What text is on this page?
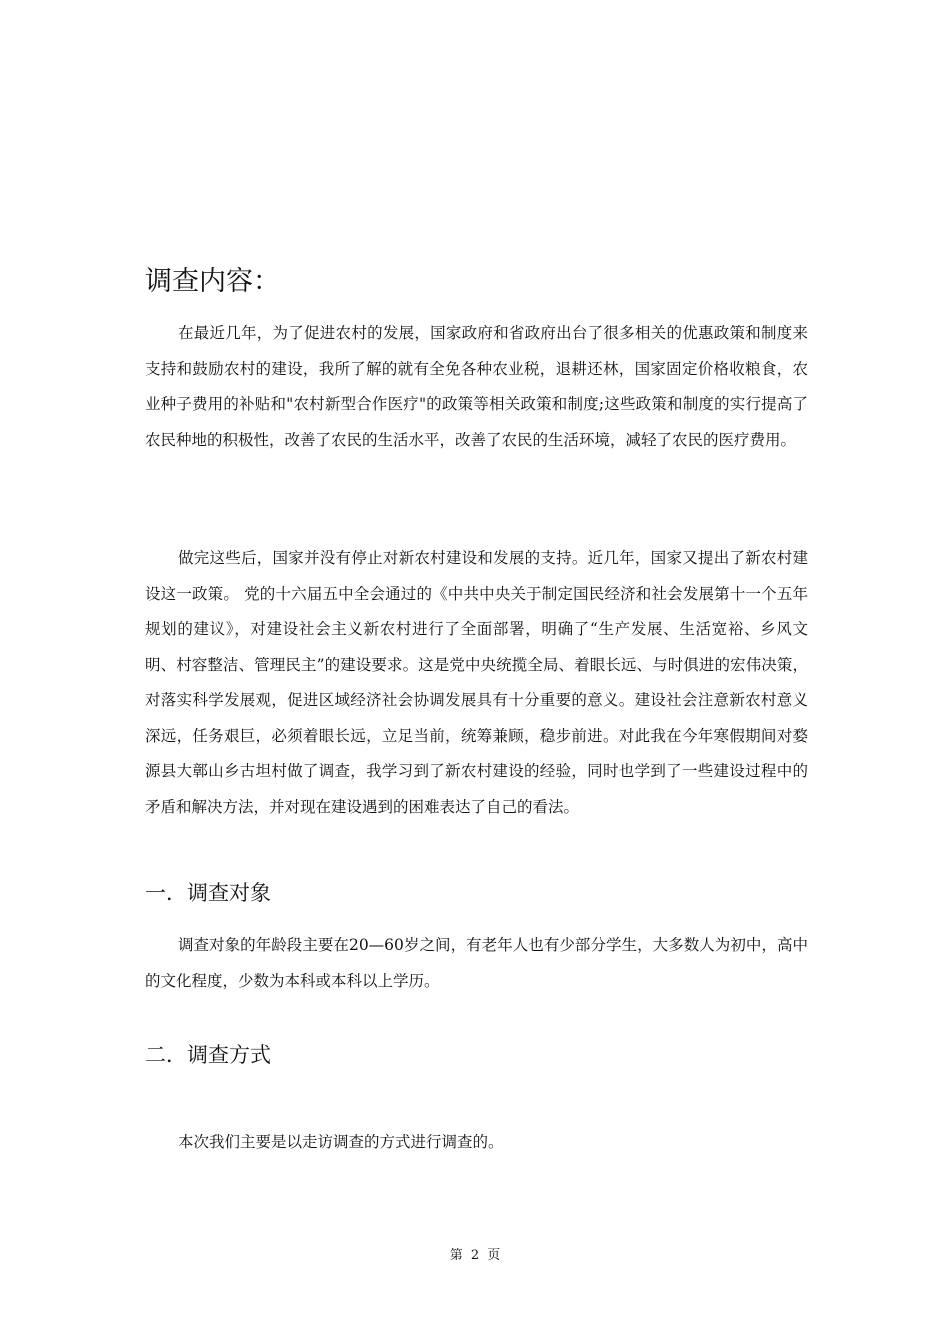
调查内容：

在最近几年，为了促进农村的发展，国家政府和省政府出台了很多相关的优惠政策和制度来支持和鼓励农村的建设，我所了解的就有全免各种农业税，退耕还林，国家固定价格收粮食，农业种子费用的补贴和"农村新型合作医疗"的政策等相关政策和制度;这些政策和制度的实行提高了农民种地的积极性，改善了农民的生活水平，改善了农民的生活环境，减轻了农民的医疗费用。

做完这些后，国家并没有停止对新农村建设和发展的支持。近几年，国家又提出了新农村建设这一政策。 党的十六届五中全会通过的《中共中央关于制定国民经济和社会发展第十一个五年规划的建议》，对建设社会主义新农村进行了全面部署，明确了“生产发展、生活宽裕、乡风文明、村容整洁、管理民主”的建设要求。这是党中央统揽全局、着眼长远、与时俱进的宏伟决策，对落实科学发展观，促进区域经济社会协调发展具有十分重要的意义。建设社会注意新农村意义深远，任务艰巨，必须着眼长远，立足当前，统筹兼顾，稳步前进。对此我在今年寒假期间对婺源县大鄣山乡古坦村做了调查，我学习到了新农村建设的经验，同时也学到了一些建设过程中的矛盾和解决方法，并对现在建设遇到的困难表达了自己的看法。

一．调查对象

调查对象的年龄段主要在20—60岁之间，有老年人也有少部分学生，大多数人为初中，高中的文化程度，少数为本科或本科以上学历。

二．调查方式

本次我们主要是以走访调查的方式进行调查的。

第 2 页
